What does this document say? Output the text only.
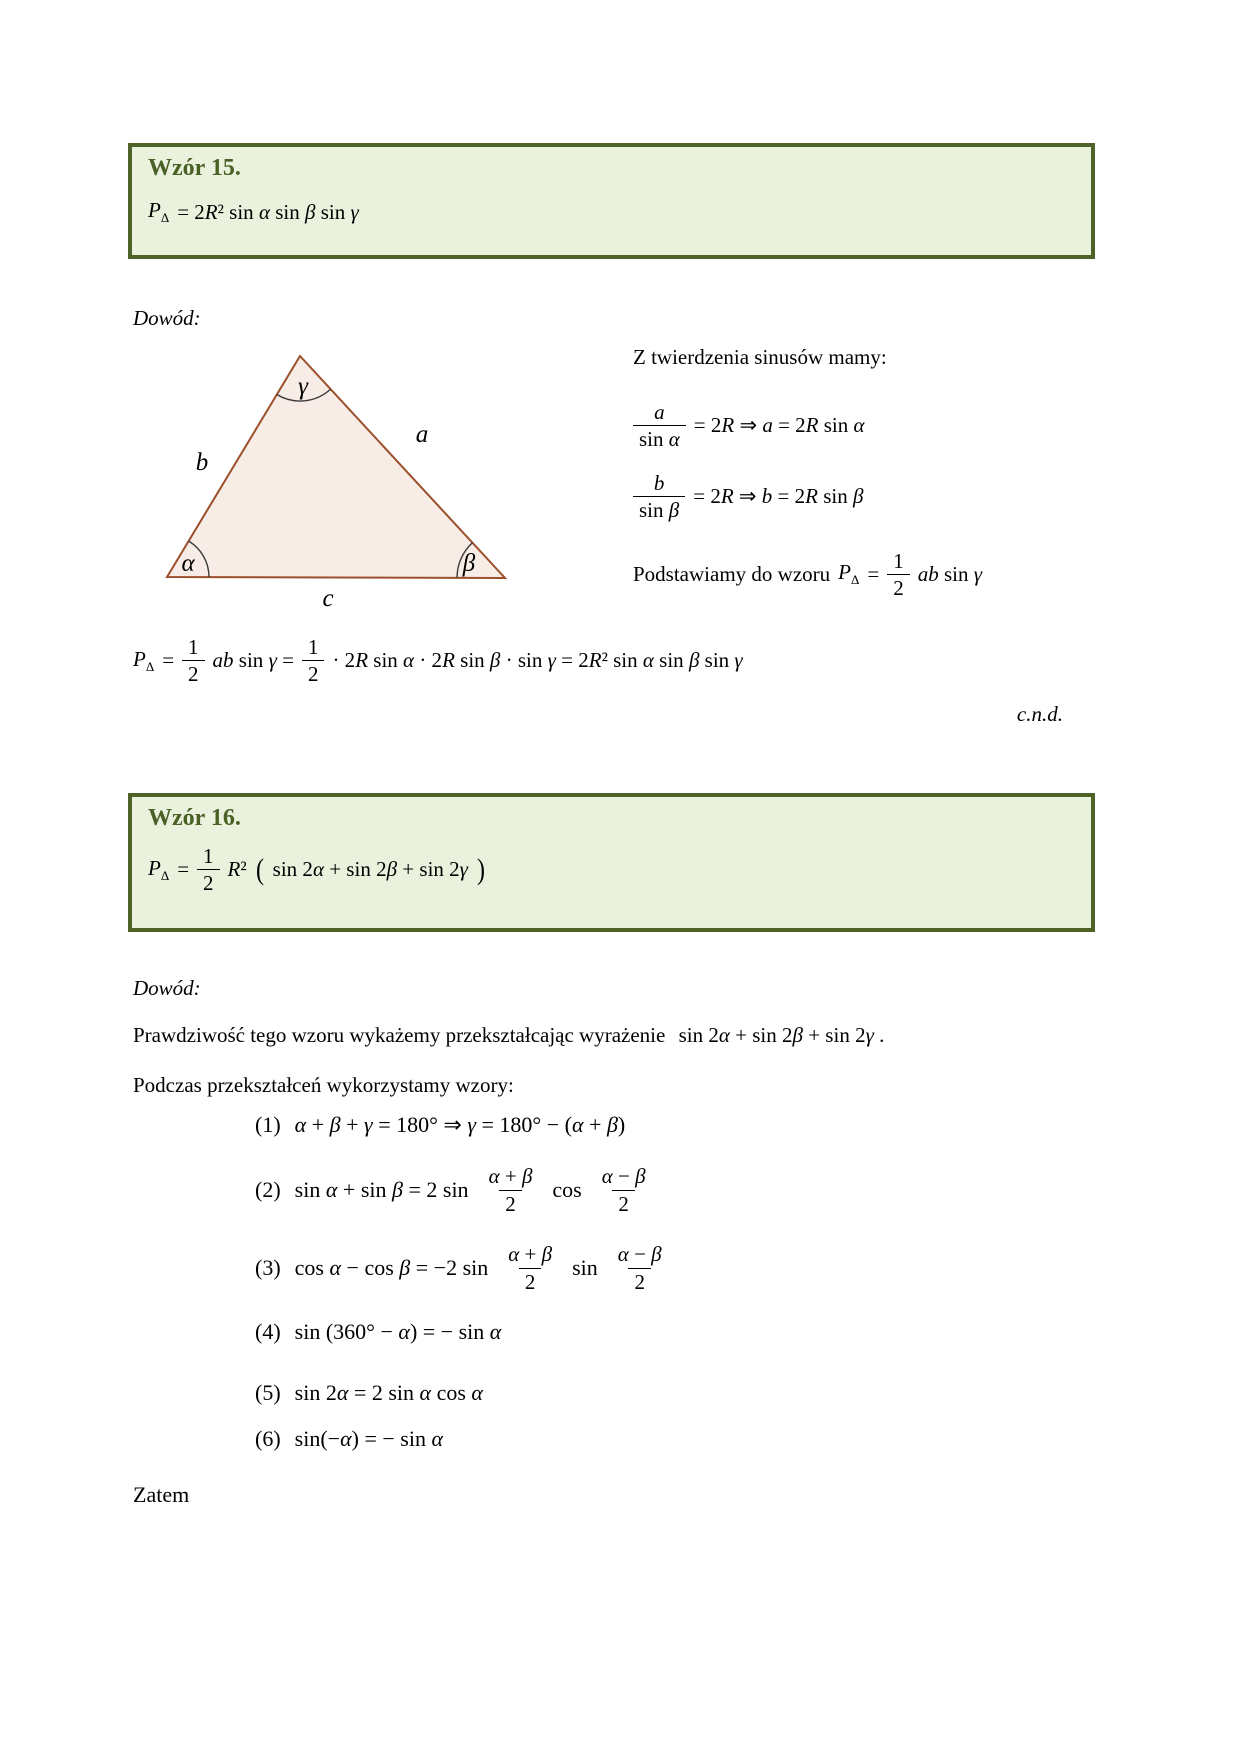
Wzór 15.
$P_\Delta = 2R^2$ sin α sin β sin γ
Dowód:
γ
α	β
b
a
c
Z twierdzenia sinusów mamy:
$\frac{a}{\text{sin α}} = 2R$ ⇒ a = 2R sin α
$\frac{b}{\text{sin β}} = 2R$ ⇒ b = 2R sin β
Podstawiamy do wzoru $P_\Delta = \frac{1}{2}$ ab sin γ
$P_\Delta = \frac{1}{2}$ ab $\sin \gamma = \frac{1}{2} \cdot 2R$ sin α · 2R sin β · sin γ = 2R² sin α sin β sin γ
c.n.d.
Wzór 16.
$P_\Delta = \frac{1}{2} R^2$ ( sin 2α + sin 2β + sin 2γ )
Dowód:
Prawdziwość tego wzoru wykażemy przekształcając wyrażenie sin 2α + sin 2β + sin 2γ .
Podczas przekształceń wykorzystamy wzory:
(1) α + β + γ = 180° ⇒ γ = 180° − (α + β)
(2) sin α + sin β = 2 $\sin \frac{\alpha + \beta}{2}$ $\cos \frac{\alpha - \beta}{2}$
(3) cos α − cos β = −2 $\sin \frac{\alpha + \beta}{2}$ $\sin \frac{\alpha - \beta}{2}$
(4) sin (360° − α) = − sin α
(5) sin 2α = 2 sin α cos α
(6) sin(−α) = − sin α
Zatem
